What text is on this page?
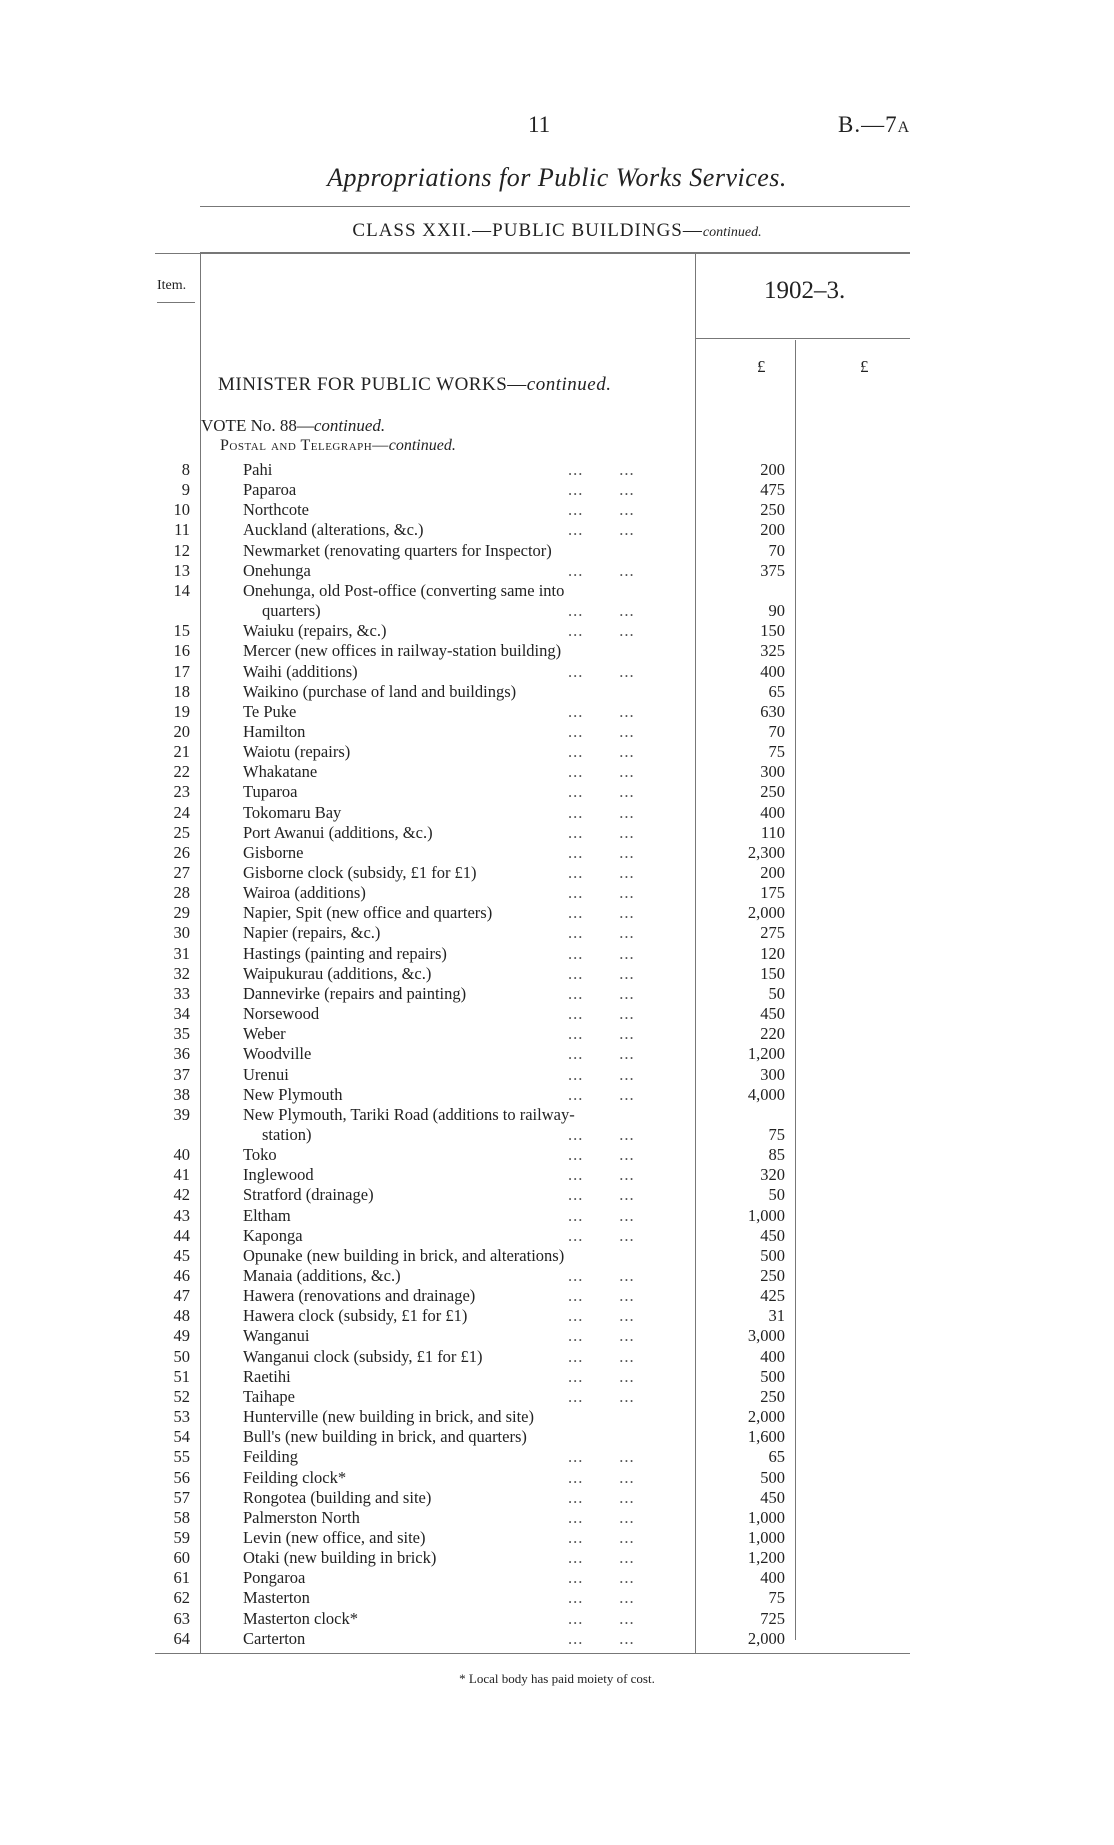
11	B.—7A
Appropriations for Public Works Services.
CLASS XXII.—PUBLIC BUILDINGS—continued.
Item.	1902–3.
£	£
MINISTER FOR PUBLIC WORKS—continued.
VOTE No. 88—continued.
Postal and Telegraph—continued.
8	Pahi	...       ...	200
9	Paparoa	...       ...	475
10	Northcote	...       ...	250
11	Auckland (alterations, &c.)	...       ...	200
12	Newmarket (renovating quarters for Inspector)	70
13	Onehunga	...       ...	375
14	Onehunga, old Post-office (converting same into
quarters)	...       ...	90
15	Waiuku (repairs, &c.)	...       ...	150
16	Mercer (new offices in railway-station building)	325
17	Waihi (additions)	...       ...	400
18	Waikino (purchase of land and buildings)	65
19	Te Puke	...       ...	630
20	Hamilton	...       ...	70
21	Waiotu (repairs)	...       ...	75
22	Whakatane	...       ...	300
23	Tuparoa	...       ...	250
24	Tokomaru Bay	...       ...	400
25	Port Awanui (additions, &c.)	...       ...	110
26	Gisborne	...       ...	2,300
27	Gisborne clock (subsidy, £1 for £1)	...       ...	200
28	Wairoa (additions)	...       ...	175
29	Napier, Spit (new office and quarters)	...       ...	2,000
30	Napier (repairs, &c.)	...       ...	275
31	Hastings (painting and repairs)	...       ...	120
32	Waipukurau (additions, &c.)	...       ...	150
33	Dannevirke (repairs and painting)	...       ...	50
34	Norsewood	...       ...	450
35	Weber	...       ...	220
36	Woodville	...       ...	1,200
37	Urenui	...       ...	300
38	New Plymouth	...       ...	4,000
39	New Plymouth, Tariki Road (additions to railway-
station)	...       ...	75
40	Toko	...       ...	85
41	Inglewood	...       ...	320
42	Stratford (drainage)	...       ...	50
43	Eltham	...       ...	1,000
44	Kaponga	...       ...	450
45	Opunake (new building in brick, and alterations)	500
46	Manaia (additions, &c.)	...       ...	250
47	Hawera (renovations and drainage)	...       ...	425
48	Hawera clock (subsidy, £1 for £1)	...       ...	31
49	Wanganui	...       ...	3,000
50	Wanganui clock (subsidy, £1 for £1)	...       ...	400
51	Raetihi	...       ...	500
52	Taihape	...       ...	250
53	Hunterville (new building in brick, and site)	2,000
54	Bull's (new building in brick, and quarters)	1,600
55	Feilding	...       ...	65
56	Feilding clock*	...       ...	500
57	Rongotea (building and site)	...       ...	450
58	Palmerston North	...       ...	1,000
59	Levin (new office, and site)	...       ...	1,000
60	Otaki (new building in brick)	...       ...	1,200
61	Pongaroa	...       ...	400
62	Masterton	...       ...	75
63	Masterton clock*	...       ...	725
64	Carterton	...       ...	2,000
* Local body has paid moiety of cost.
